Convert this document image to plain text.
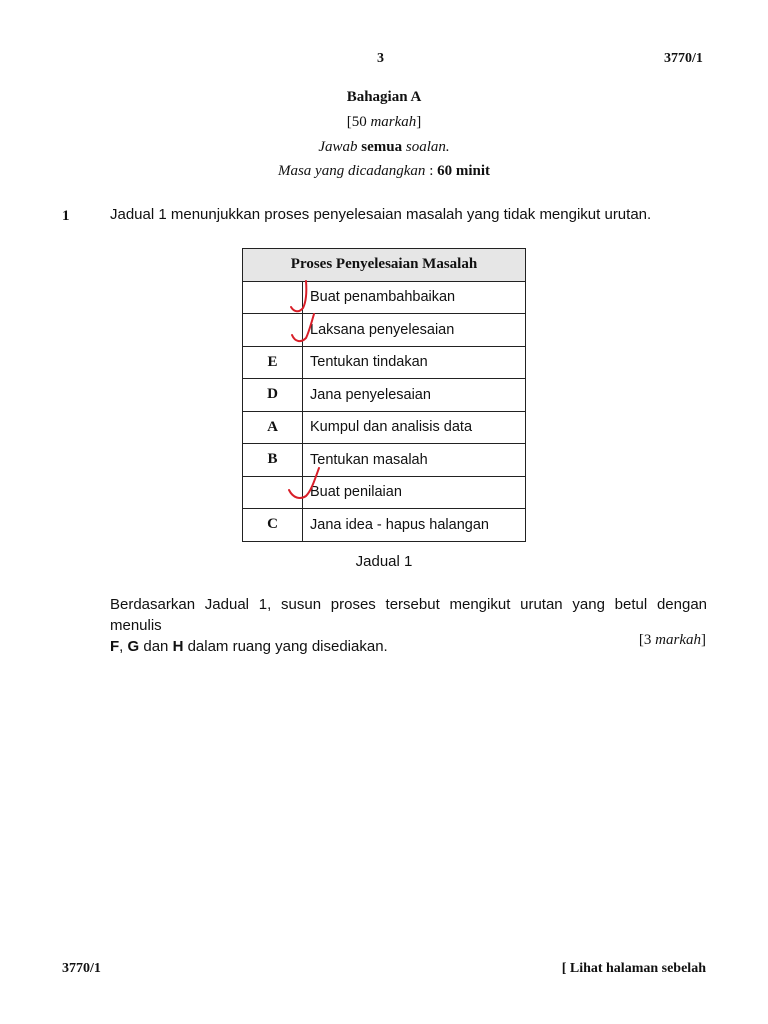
3	3770/1
Bahagian A
[50 markah]
Jawab semua soalan.
Masa yang dicadangkan : 60 minit
1	Jadual 1 menunjukkan proses penyelesaian masalah yang tidak mengikut urutan.
Proses Penyelesaian Masalah	
	Buat penambahbaikan
	Laksana penyelesaian
E	Tentukan tindakan
D	Jana penyelesaian
A	Kumpul dan analisis data
B	Tentukan masalah
	Buat penilaian
C	Jana idea - hapus halangan
Jadual 1
Berdasarkan Jadual 1, susun proses tersebut mengikut urutan yang betul dengan menulis
F, G dan H dalam ruang yang disediakan.	[3 markah]
3770/1	[ Lihat halaman sebelah
